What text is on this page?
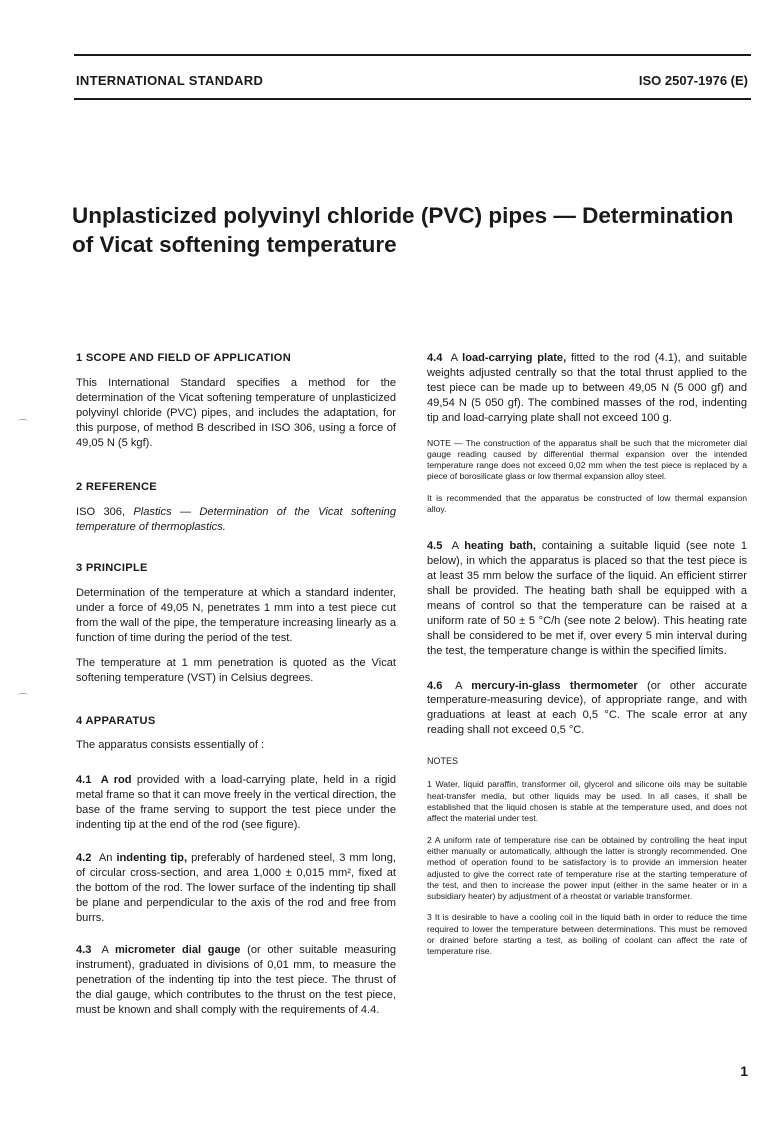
INTERNATIONAL STANDARD	ISO 2507-1976 (E)
Unplasticized polyvinyl chloride (PVC) pipes — Determination
of Vicat softening temperature
⌒
⌒
1 SCOPE AND FIELD OF APPLICATION

This International Standard specifies a method for the determination of the Vicat softening temperature of unplasticized polyvinyl chloride (PVC) pipes, and includes the adaptation, for this purpose, of method B described in ISO 306, using a force of 49,05 N (5 kgf).

2 REFERENCE

ISO 306, Plastics — Determination of the Vicat softening temperature of thermoplastics.

3 PRINCIPLE

Determination of the temperature at which a standard indenter, under a force of 49,05 N, penetrates 1 mm into a test piece cut from the wall of the pipe, the temperature increasing linearly as a function of time during the period of the test.

The temperature at 1 mm penetration is quoted as the Vicat softening temperature (VST) in Celsius degrees.

4 APPARATUS

The apparatus consists essentially of :

4.1 A rod provided with a load-carrying plate, held in a rigid metal frame so that it can move freely in the vertical direction, the base of the frame serving to support the test piece under the indenting tip at the end of the rod (see figure).

4.2 An indenting tip, preferably of hardened steel, 3 mm long, of circular cross-section, and area 1,000 ± 0,015 mm², fixed at the bottom of the rod. The lower surface of the indenting tip shall be plane and perpendicular to the axis of the rod and free from burrs.

4.3 A micrometer dial gauge (or other suitable measuring instrument), graduated in divisions of 0,01 mm, to measure the penetration of the indenting tip into the test piece. The thrust of the dial gauge, which contributes to the thrust on the test piece, must be known and shall comply with the requirements of 4.4.

4.4 A load-carrying plate, fitted to the rod (4.1), and suitable weights adjusted centrally so that the total thrust applied to the test piece can be made up to between 49,05 N (5 000 gf) and 49,54 N (5 050 gf). The combined masses of the rod, indenting tip and load-carrying plate shall not exceed 100 g.

NOTE — The construction of the apparatus shall be such that the micrometer dial gauge reading caused by differential thermal expansion over the intended temperature range does not exceed 0,02 mm when the test piece is replaced by a piece of borosilicate glass or low thermal expansion alloy steel.

It is recommended that the apparatus be constructed of low thermal expansion alloy.

4.5 A heating bath, containing a suitable liquid (see note 1 below), in which the apparatus is placed so that the test piece is at least 35 mm below the surface of the liquid. An efficient stirrer shall be provided. The heating bath shall be equipped with a means of control so that the temperature can be raised at a uniform rate of 50 ± 5 °C/h (see note 2 below). This heating rate shall be considered to be met if, over every 5 min interval during the test, the temperature change is within the specified limits.

4.6 A mercury-in-glass thermometer (or other accurate temperature-measuring device), of appropriate range, and with graduations at least at each 0,5 °C. The scale error at any reading shall not exceed 0,5 °C.

NOTES

1 Water, liquid paraffin, transformer oil, glycerol and silicone oils may be suitable heat-transfer media, but other liquids may be used. In all cases, it shall be established that the liquid chosen is stable at the temperature used, and does not affect the material under test.

2 A uniform rate of temperature rise can be obtained by controlling the heat input either manually or automatically, although the latter is strongly recommended. One method of operation found to be satisfactory is to provide an immersion heater adjusted to give the correct rate of temperature rise at the starting temperature of the test, and then to increase the power input (either in the same heater or in a subsidiary heater) by adjustment of a rheostat or variable transformer.

3 It is desirable to have a cooling coil in the liquid bath in order to reduce the time required to lower the temperature between determinations. This must be removed or drained before starting a test, as boiling of coolant can affect the rate of temperature rise.

1
